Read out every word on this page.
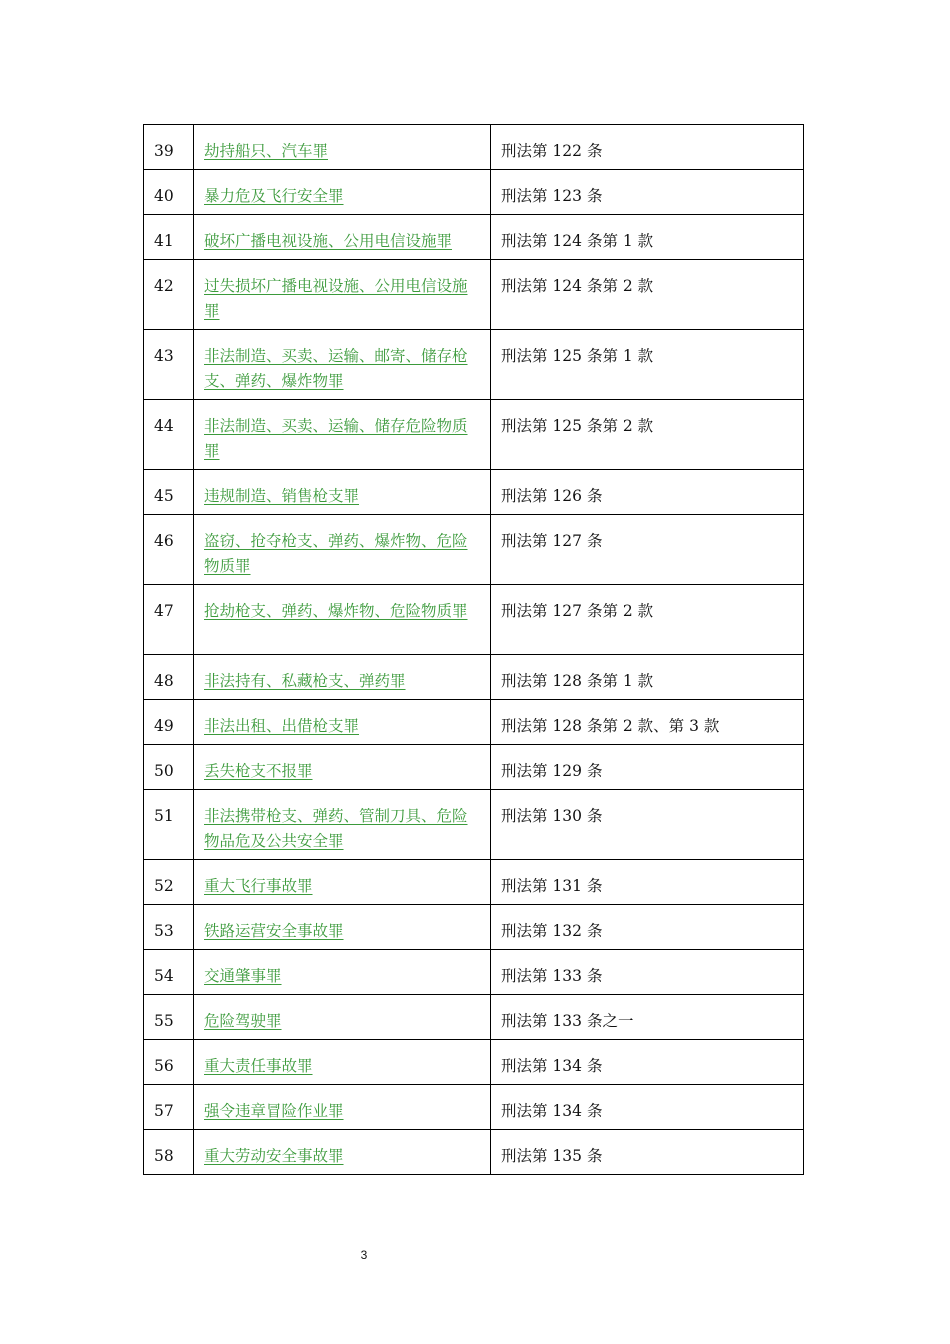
39	劫持船只、汽车罪	刑法第 122 条
40	暴力危及飞行安全罪	刑法第 123 条
41	破坏广播电视设施、公用电信设施罪	刑法第 124 条第 1 款
42	过失损坏广播电视设施、公用电信设施罪	刑法第 124 条第 2 款
43	非法制造、买卖、运输、邮寄、储存枪支、弹药、爆炸物罪	刑法第 125 条第 1 款
44	非法制造、买卖、运输、储存危险物质罪	刑法第 125 条第 2 款
45	违规制造、销售枪支罪	刑法第 126 条
46	盗窃、抢夺枪支、弹药、爆炸物、危险物质罪	刑法第 127 条
47	抢劫枪支、弹药、爆炸物、危险物质罪	刑法第 127 条第 2 款
48	非法持有、私藏枪支、弹药罪	刑法第 128 条第 1 款
49	非法出租、出借枪支罪	刑法第 128 条第 2 款、第 3 款
50	丢失枪支不报罪	刑法第 129 条
51	非法携带枪支、弹药、管制刀具、危险物品危及公共安全罪	刑法第 130 条
52	重大飞行事故罪	刑法第 131 条
53	铁路运营安全事故罪	刑法第 132 条
54	交通肇事罪	刑法第 133 条
55	危险驾驶罪	刑法第 133 条之一
56	重大责任事故罪	刑法第 134 条
57	强令违章冒险作业罪	刑法第 134 条
58	重大劳动安全事故罪	刑法第 135 条
3
